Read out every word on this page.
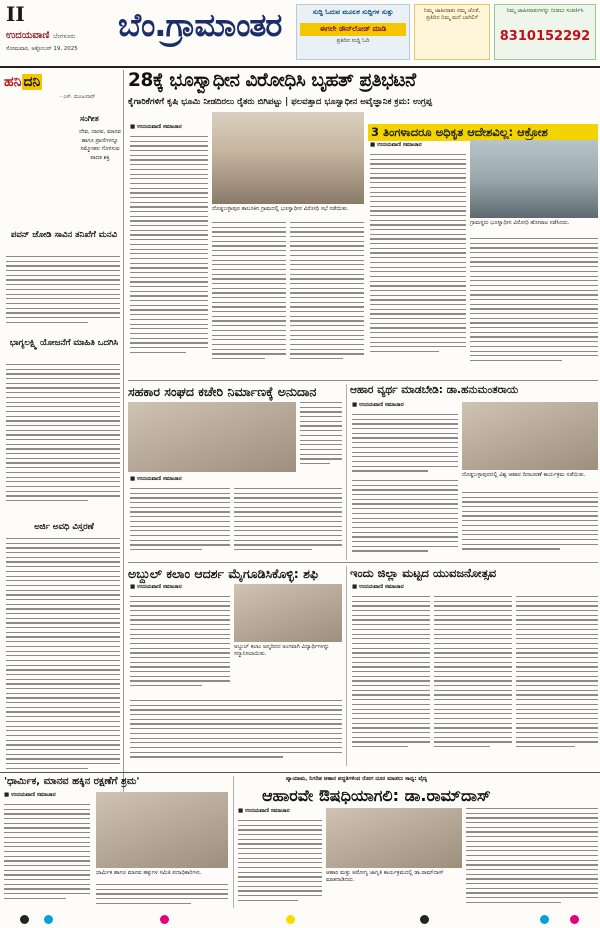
II
ಉದಯವಾಣಿ ಬೆಂಗಳೂರು
ಸೋಮವಾರ, ಅಕ್ಟೋಬರ್ 19, 2025
ಬೆಂ.ಗ್ರಾಮಾಂತರ	ಸುದ್ದಿ ಓದುವ ಮೂಲಕ ಸುದ್ದಿಗಳ ಸುತ್ತು
ಈಗಲೇ ಡೌನ್‌ಲೋಡ್ ಮಾಡಿ
ಪ್ರತಿದಿನ ಸುದ್ದಿ ಓದಿ
ನಿಮ್ಮ ಜಾಹೀರಾತು ನಮ್ಮ ಜೊತೆ, ಪ್ರತಿದಿನ ನಿಮ್ಮ ಮನೆ ಬಾಗಿಲಿಗೆ
ನಿಮ್ಮ ಜಾಹೀರಾತುಗಳನ್ನು ನೀಡಲು ಸಂಪರ್ಕಿಸಿ
8310152292
ಹನಿ ದನಿ
- ಎಸ್. ಮಂಜುನಾಥ್
ಸಂಗೀತ
ದೇವ, ದಾನವ, ಮಾನವ ಹಾಗೂ ಪ್ರಾಣಿಗಳನ್ನೂ ಸಮ್ಮೋಹನ ಗೊಳಿಸುವ ಪಾದಕ ಶಕ್ತಿ
ಪವನ್ ಜೋಡಿ ಸಾವಿನ ತನಿಖೆಗೆ ಮನವಿ
ಭಾಗ್ಯಲಕ್ಷ್ಮಿ ಯೋಜನೆಗೆ ಮಾಹಿತಿ ಒದಗಿಸಿ
ಅರ್ಜಿ ಅವಧಿ ವಿಸ್ತರಣೆ
28ಕ್ಕೆ ಭೂಸ್ವಾಧೀನ ವಿರೋಧಿಸಿ ಬೃಹತ್ ಪ್ರತಿಭಟನೆ
ಕೈಗಾರಿಕೆಗಳಿಗೆ ಕೃಷಿ ಭೂಮಿ ನೀಡದಿರಲು ರೈತರು ಬಿಗಿಪಟ್ಟು | ಫಲವತ್ತಾದ ಭೂಸ್ವಾಧೀನ ಅವೈಜ್ಞಾನಿಕ ಕ್ರಮ: ಉಗ್ರಪ್ಪ
■ ಉದಯವಾಣಿ ಸಮಾಚಾರ
ದೊಡ್ಡಬಳ್ಳಾಪುರ ತಾಲೂಕಿನ ಗ್ರಾಮದಲ್ಲಿ ಭೂಸ್ವಾಧೀನ ವಿರೋಧಿ ಸಭೆ ನಡೆಯಿತು.
3 ತಿಂಗಳಾದರೂ ಅಧಿಕೃತ ಆದೇಶವಿಲ್ಲ: ಆಕ್ರೋಶ
■ ಉದಯವಾಣಿ ಸಮಾಚಾರ
ಗ್ರಾಮಸ್ಥರು ಭೂಸ್ವಾಧೀನ ವಿರೋಧಿ ಹೋರಾಟ ನಡೆಸಿದರು.
ಸಹಕಾರ ಸಂಘದ ಕಚೇರಿ ನಿರ್ಮಾಣಕ್ಕೆ ಅನುದಾನ
■ ಉದಯವಾಣಿ ಸಮಾಚಾರ
ಆಹಾರ ವ್ಯರ್ಥ ಮಾಡಬೇಡಿ: ಡಾ.ಹನುಮಂತರಾಯ
■ ಉದಯವಾಣಿ ಸಮಾಚಾರ
ದೊಡ್ಡಬಳ್ಳಾಪುರದಲ್ಲಿ ವಿಶ್ವ ಆಹಾರ ದಿನಾಚರಣೆ ಕಾರ್ಯಕ್ರಮ ನಡೆಯಿತು.
ಅಬ್ದುಲ್ ಕಲಾಂ ಆದರ್ಶ ಮೈಗೂಡಿಸಿಕೊಳ್ಳಿ: ಶಫಿ
■ ಉದಯವಾಣಿ ಸಮಾಚಾರ
ಅಬ್ದುಲ್ ಕಲಾಂ ಜನ್ಮದಿನದ ಅಂಗವಾಗಿ ವಿದ್ಯಾರ್ಥಿಗಳನ್ನು ಸನ್ಮಾನಿಸಲಾಯಿತು.
ಇಂದು ಜಿಲ್ಲಾ ಮಟ್ಟದ ಯುವಜನೋತ್ಸವ
■ ಉದಯವಾಣಿ ಸಮಾಚಾರ
'ಧಾರ್ಮಿಕ, ಮಾನವ ಹಕ್ಕಿನ ರಕ್ಷಣೆಗೆ ಶ್ರಮ'
■ ಉದಯವಾಣಿ ಸಮಾಚಾರ
ಧಾರ್ಮಿಕ ಹಾಗೂ ಮಾನವ ಹಕ್ಕುಗಳ ಸಮಿತಿ ಪದಾಧಿಕಾರಿಗಳು.
ವ್ಯಾಯಾಮ, ನಿಗದಿತ ಆಹಾರ ಪದ್ಧತಿಗಳಿಂದ ರೋಗ ದೂರ ಮಾಡಲು ಸಾಧ್ಯ: ವೈದ್ಯ
ಆಹಾರವೇ ಔಷಧಿಯಾಗಲಿ: ಡಾ.ರಾಮ್‌ದಾಸ್
■ ಉದಯವಾಣಿ ಸಮಾಚಾರ
ಆಹಾರ ಮತ್ತು ಆರೋಗ್ಯ ಜಾಗೃತಿ ಕಾರ್ಯಕ್ರಮದಲ್ಲಿ ಡಾ.ರಾಮ್‌ದಾಸ್ ಮಾತನಾಡಿದರು.
